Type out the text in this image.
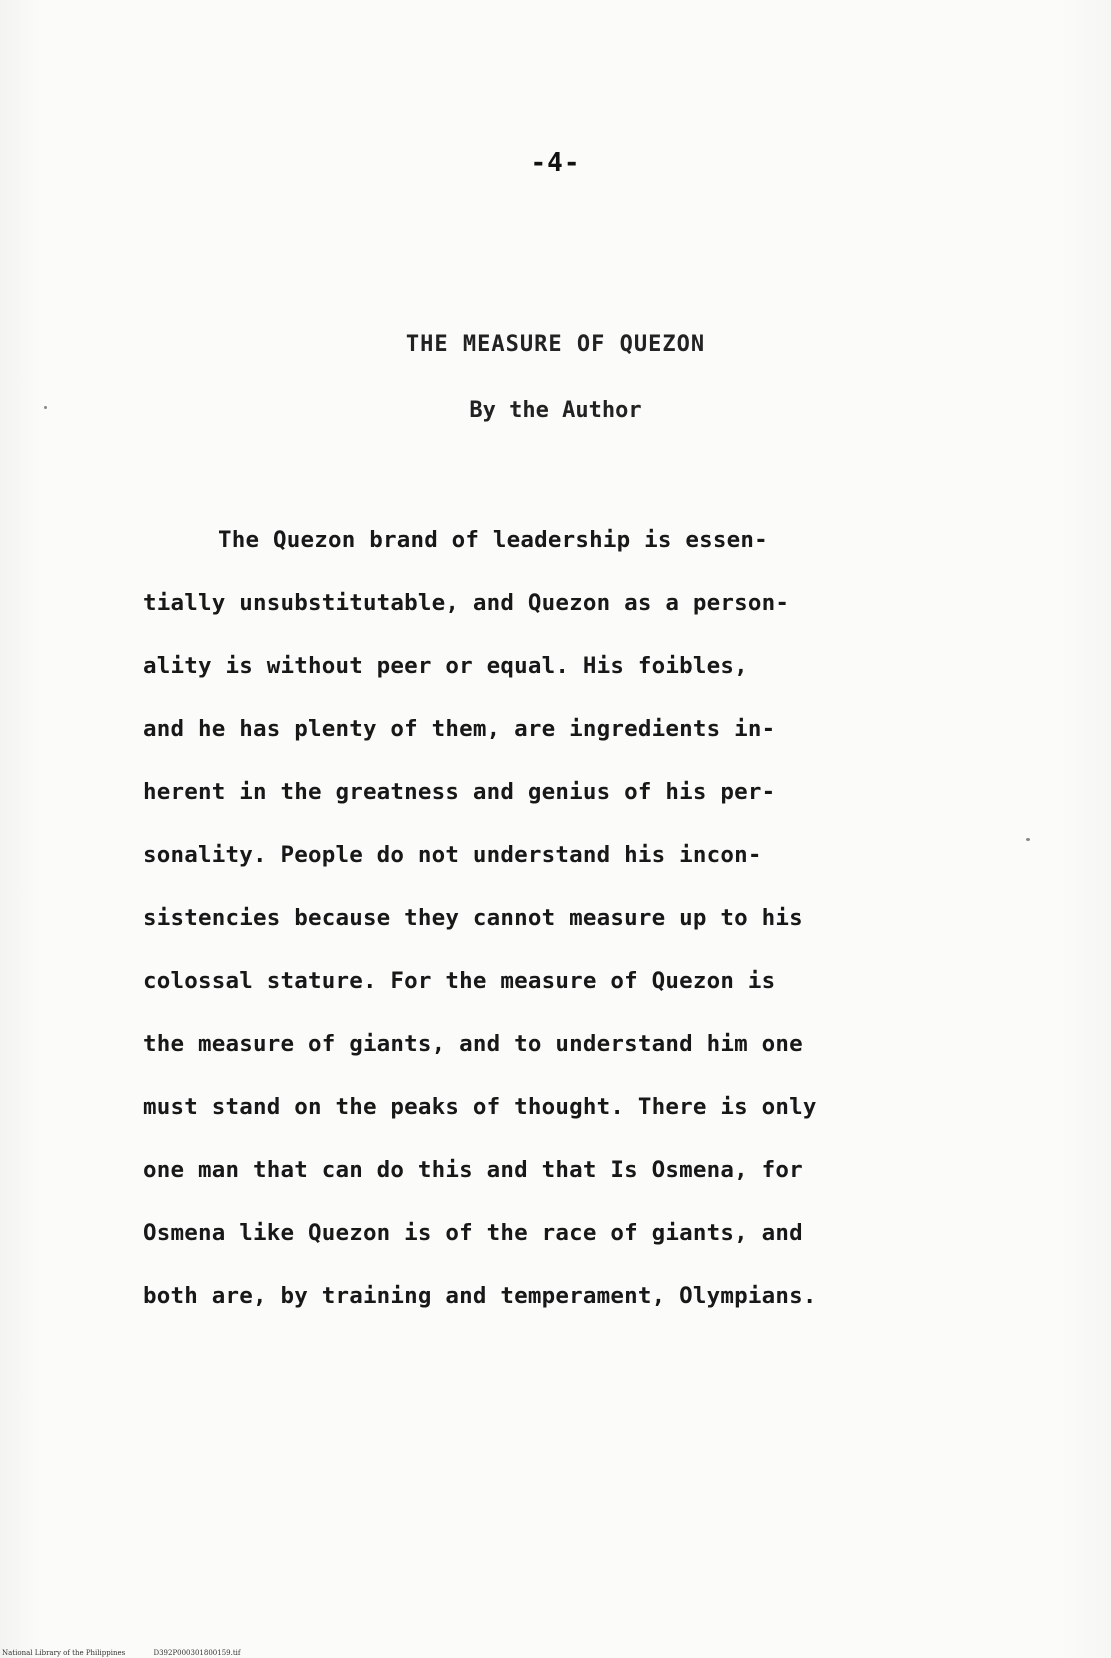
-4-
THE MEASURE OF QUEZON
By the Author
The Quezon brand of leadership is essen-
tially unsubstitutable, and Quezon as a person-
ality is without peer or equal. His foibles,
and he has plenty of them, are ingredients in-
herent in the greatness and genius of his per-
sonality. People do not understand his incon-
sistencies because they cannot measure up to his
colossal stature. For the measure of Quezon is
the measure of giants, and to understand him one
must stand on the peaks of thought. There is only
one man that can do this and that Is Osmena, for
Osmena like Quezon is of the race of giants, and
both are, by training and temperament, Olympians.
National Library of the Philippines	D392P000301800159.tif
